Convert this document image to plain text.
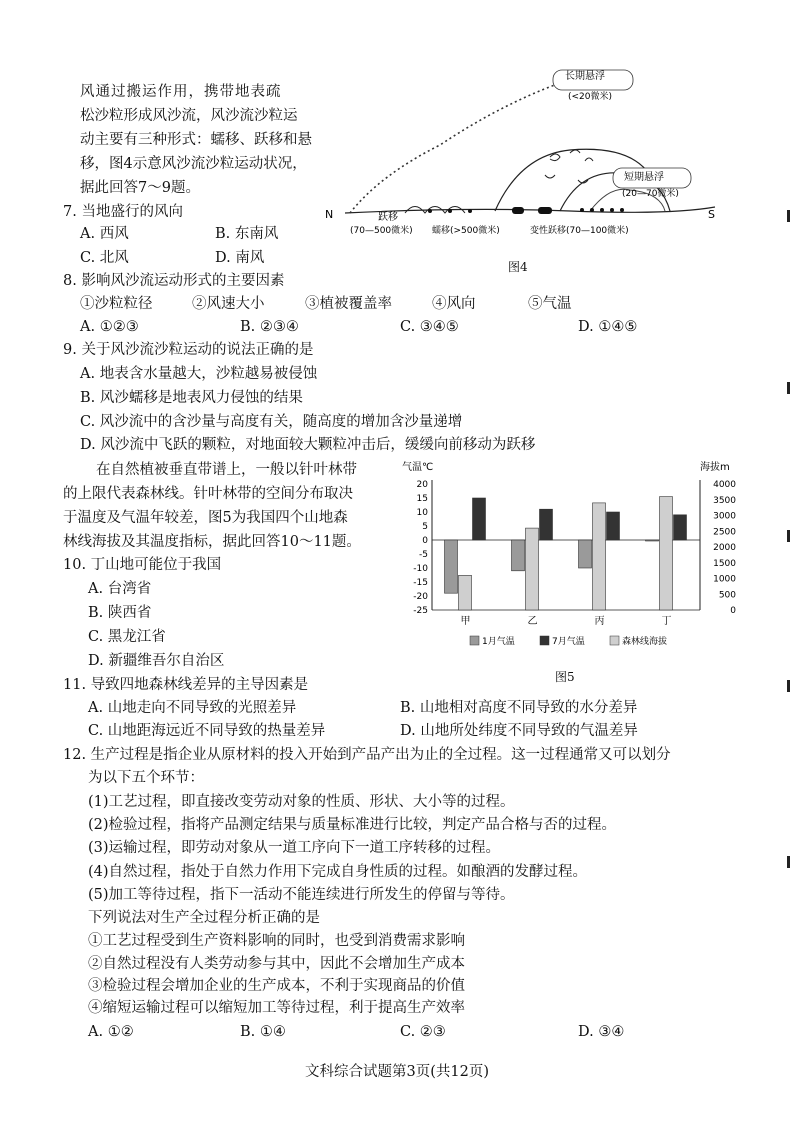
风通过搬运作用，携带地表疏
松沙粒形成风沙流，风沙流沙粒运
动主要有三种形式：蠕移、跃移和悬
移，图4示意风沙流沙粒运动状况，
据此回答7～9题。
长期悬浮
(<20微米)
短期悬浮
(20—70微米)
N	S
跃移
(70—500微米) 蠕移(>500微米)	变性跃移(70—100微米)
图4
7. 当地盛行的风向
A. 西风	B. 东南风
C. 北风	D. 南风
8. 影响风沙流运动形式的主要因素
①沙粒粒径	②风速大小	③植被覆盖率	④风向	⑤气温
A. ①②③	B. ②③④	C. ③④⑤	D. ①④⑤
9. 关于风沙流沙粒运动的说法正确的是
A. 地表含水量越大，沙粒越易被侵蚀
B. 风沙蠕移是地表风力侵蚀的结果
C. 风沙流中的含沙量与高度有关，随高度的增加含沙量递增
D. 风沙流中飞跃的颗粒，对地面较大颗粒冲击后，缓缓向前移动为跃移
在自然植被垂直带谱上，一般以针叶林带
的上限代表森林线。针叶林带的空间分布取决
于温度及气温年较差，图5为我国四个山地森
林线海拔及其温度指标，据此回答10～11题。
气温℃	海拔m
20
15
10
5
0
-5
-10
-15
-20
-25
4000
3500
3000
2500
2000
1500
1000
500
0
甲	乙	丙	丁
1月气温	7月气温	森林线海拔
图5
10. 丁山地可能位于我国
A. 台湾省
B. 陕西省
C. 黑龙江省
D. 新疆维吾尔自治区
11. 导致四地森林线差异的主导因素是
A. 山地走向不同导致的光照差异	B. 山地相对高度不同导致的水分差异
C. 山地距海远近不同导致的热量差异	D. 山地所处纬度不同导致的气温差异
12. 生产过程是指企业从原材料的投入开始到产品产出为止的全过程。这一过程通常又可以划分
为以下五个环节：
(1)工艺过程，即直接改变劳动对象的性质、形状、大小等的过程。
(2)检验过程，指将产品测定结果与质量标准进行比较，判定产品合格与否的过程。
(3)运输过程，即劳动对象从一道工序向下一道工序转移的过程。
(4)自然过程，指处于自然力作用下完成自身性质的过程。如酿酒的发酵过程。
(5)加工等待过程，指下一活动不能连续进行所发生的停留与等待。
下列说法对生产全过程分析正确的是
①工艺过程受到生产资料影响的同时，也受到消费需求影响
②自然过程没有人类劳动参与其中，因此不会增加生产成本
③检验过程会增加企业的生产成本，不利于实现商品的价值
④缩短运输过程可以缩短加工等待过程，利于提高生产效率
A. ①②	B. ①④	C. ②③	D. ③④
文科综合试题第3页(共12页)
